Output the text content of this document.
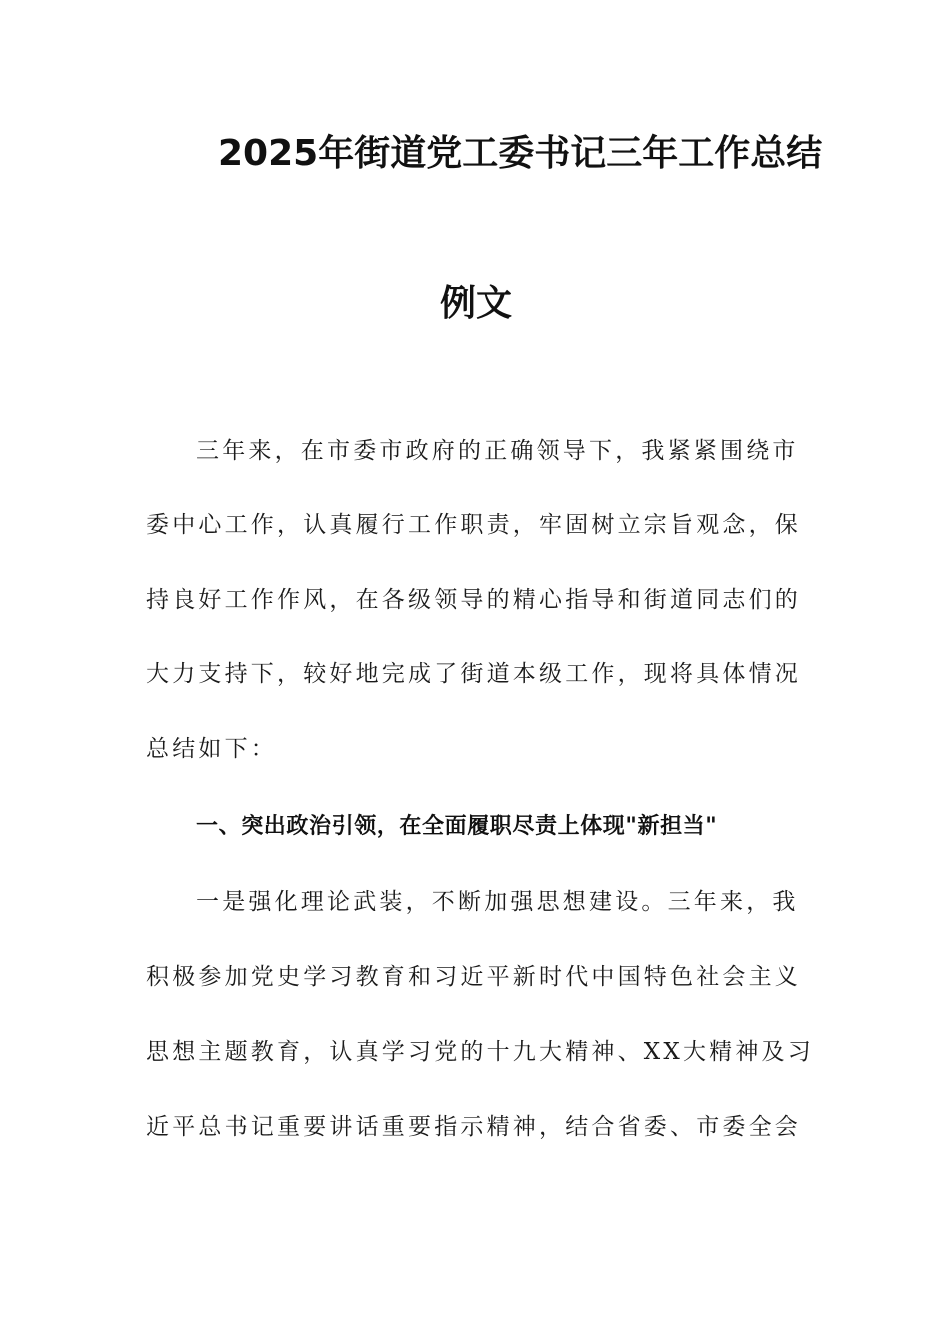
2025年街道党工委书记三年工作总结
例文
三年来，在市委市政府的正确领导下，我紧紧围绕市
委中心工作，认真履行工作职责，牢固树立宗旨观念，保
持良好工作作风，在各级领导的精心指导和街道同志们的
大力支持下，较好地完成了街道本级工作，现将具体情况
总结如下：
一、突出政治引领，在全面履职尽责上体现"新担当"
一是强化理论武装，不断加强思想建设。三年来，我
积极参加党史学习教育和习近平新时代中国特色社会主义
思想主题教育，认真学习党的十九大精神、XX大精神及习
近平总书记重要讲话重要指示精神，结合省委、市委全会
